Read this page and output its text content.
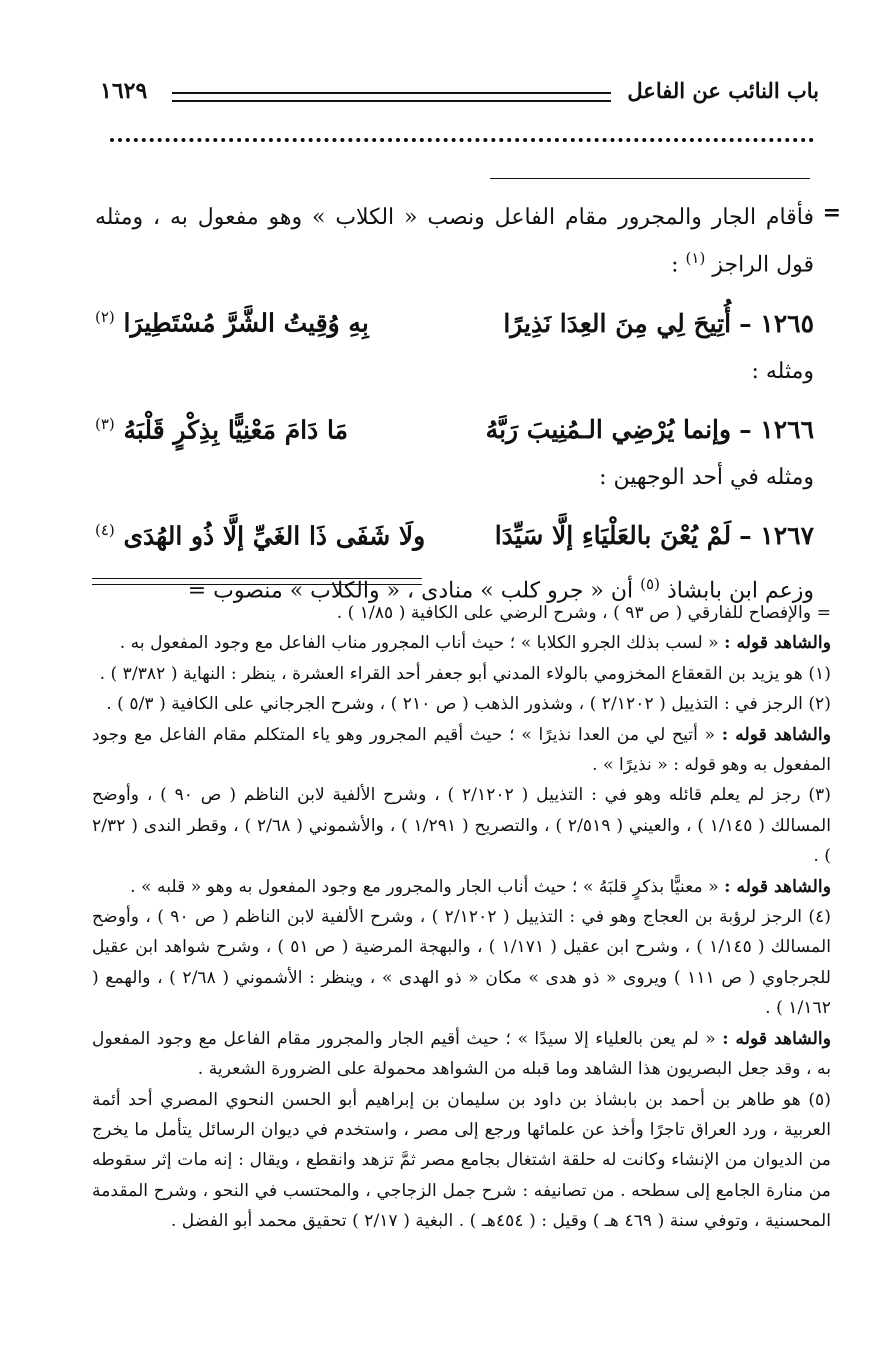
باب النائب عن الفاعل
١٦٢٩
=

فأقام الجار والمجرور مقام الفاعل ونصب « الكلاب » وهو مفعول به ، ومثله قول الراجز $^{(١)}$ :

١٢٦٥ –
أُتِيحَ لِي مِنَ العِدَا نَذِيرًا
بِهِ وُقِيتُ الشَّرَّ مُسْتَطِيرَا $^{(٢)}$

ومثله :

١٢٦٦ –
وإنما يُرْضِي الـمُنِيبَ رَبَّهُ
مَا دَامَ مَعْنِيًّا بِذِكْرٍ قَلْبَهُ $^{(٣)}$

ومثله في أحد الوجهين :

١٢٦٧ –
لَمْ يُعْنَ بالعَلْيَاءِ إلَّا سَيِّدَا
ولَا شَفَى ذَا الغَيِّ إلَّا ذُو الهُدَى $^{(٤)}$

وزعم ابن بابشاذ $^{(٥)}$ أن « جرو كلب » منادى ، « والكلاب » منصوب =

= والإفصاح للفارقي ( ص ٩٣ ) ، وشرح الرضي على الكافية ( ١/٨٥ ) .

والشاهد قوله : « لسب بذلك الجرو الكلابا » ؛ حيث أناب المجرور مناب الفاعل مع وجود المفعول به .

(١) هو يزيد بن القعقاع المخزومي بالولاء المدني أبو جعفر أحد القراء العشرة ، ينظر : النهاية ( ٣/٣٨٢ ) .

(٢) الرجز في : التذييل ( ٢/١٢٠٢ ) ، وشذور الذهب ( ص ٢١٠ ) ، وشرح الجرجاني على الكافية ( ٥/٣ ) .

والشاهد قوله : « أتيح لي من العدا نذيرًا » ؛ حيث أقيم المجرور وهو ياء المتكلم مقام الفاعل مع وجود المفعول به وهو قوله : « نذيرًا » .

(٣) رجز لم يعلم قائله وهو في : التذييل ( ٢/١٢٠٢ ) ، وشرح الألفية لابن الناظم ( ص ٩٠ ) ، وأوضح المسالك ( ١/١٤٥ ) ، والعيني ( ٢/٥١٩ ) ، والتصريح ( ١/٢٩١ ) ، والأشموني ( ٢/٦٨ ) ، وقطر الندى ( ٢/٣٢ ) .

والشاهد قوله : « معنيًّا بذكرٍ قلبَهُ » ؛ حيث أناب الجار والمجرور مع وجود المفعول به وهو « قلبه » .

(٤) الرجز لرؤبة بن العجاج وهو في : التذييل ( ٢/١٢٠٢ ) ، وشرح الألفية لابن الناظم ( ص ٩٠ ) ، وأوضح المسالك ( ١/١٤٥ ) ، وشرح ابن عقيل ( ١/١٧١ ) ، والبهجة المرضية ( ص ٥١ ) ، وشرح شواهد ابن عقيل للجرجاوي ( ص ١١١ ) ويروى « ذو هدى » مكان « ذو الهدى » ، وينظر : الأشموني ( ٢/٦٨ ) ، والهمع ( ١/١٦٢ ) .

والشاهد قوله : « لم يعن بالعلياء إلا سيدًا » ؛ حيث أقيم الجار والمجرور مقام الفاعل مع وجود المفعول به ، وقد جعل البصريون هذا الشاهد وما قبله من الشواهد محمولة على الضرورة الشعرية .

(٥) هو طاهر بن أحمد بن بابشاذ بن داود بن سليمان بن إبراهيم أبو الحسن النحوي المصري أحد أئمة العربية ، ورد العراق تاجرًا وأخذ عن علمائها ورجع إلى مصر ، واستخدم في ديوان الرسائل يتأمل ما يخرج من الديوان من الإنشاء وكانت له حلقة اشتغال بجامع مصر ثمَّ تزهد وانقطع ، ويقال : إنه مات إثر سقوطه من منارة الجامع إلى سطحه . من تصانيفه : شرح جمل الزجاجي ، والمحتسب في النحو ، وشرح المقدمة المحسنية ، وتوفي سنة ( ٤٦٩ هـ ) وقيل : ( ٤٥٤هـ ) . البغية ( ٢/١٧ ) تحقيق محمد أبو الفضل .
